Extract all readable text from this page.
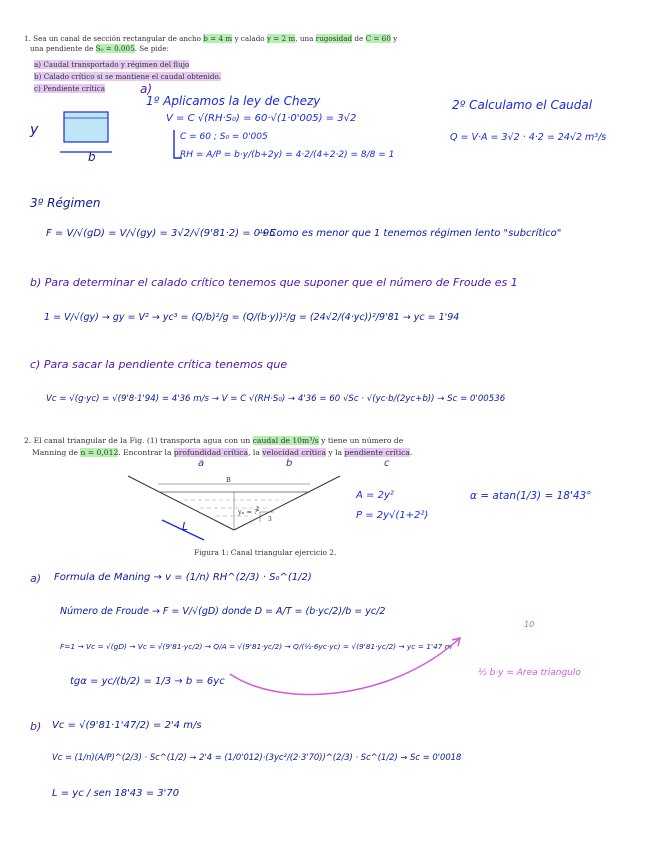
1. Sea un canal de sección rectangular de ancho b = 4 m y calado y = 2 m, una rugosidad de C = 60 y
una pendiente de S₀ = 0.005. Se pide:
a) Caudal transportado y régimen del flujo
b) Calado crítico si se mantiene el caudal obtenido.
c) Pendiente crítica	a)
1º Aplicamos la ley de Chezy
V = C √(RH·S₀) = 60·√(1·0'005) = 3√2
C = 60 ; S₀ = 0'005
RH = A/P = b·y/(b+2y) = 4·2/(4+2·2) = 8/8 = 1
y
b
2º Calculamo el Caudal
Q = V·A = 3√2 · 4·2 = 24√2 m³/s
3º Régimen
F = V/√(gD) = V/√(gy) = 3√2/√(9'81·2) = 0'95
→ Como es menor que 1 tenemos régimen lento "subcrítico"
b) Para determinar el calado crítico tenemos que suponer que el número de Froude es 1
1 = V/√(gy) → gy = V² → yc³ = (Q/b)²/g = (Q/(b·y))²/g = (24√2/(4·yc))²/9'81 → yc = 1'94
c) Para sacar la pendiente crítica tenemos que
Vc = √(g·yc) = √(9'8·1'94) = 4'36 m/s → V = C √(RH·S₀) → 4'36 = 60 √Sc · √(yc·b/(2yc+b)) → Sc = 0'00536
2. El canal triangular de la Fig. (1) transporta agua con un caudal de 10m³/s y tiene un número de
Manning de n = 0,012. Encontrar la profundidad crítica, la velocidad crítica y la pendiente crítica.
a	b	c
B
yₙ = ?
1
3
L
Figura 1: Canal triangular ejercicio 2.
A = 2y²
P = 2y√(1+2²)
α = atan(1/3) = 18'43°
a) Formula de Maning → v = (1/n) RH^(2/3) · S₀^(1/2)
Número de Froude → F = V/√(gD) donde D = A/T = (b·yc/2)/b = yc/2
F=1 → Vc = √(gD) → Vc = √(9'81·yc/2) → Q/A = √(9'81·yc/2) → Q/(½·6yc·yc) = √(9'81·yc/2) → yc = 1'47 m
10
tgα = yc/(b/2) = 1/3 → b = 6yc
½ b·y = Area triangulo
b) Vc = √(9'81·1'47/2) = 2'4 m/s
Vc = (1/n)(A/P)^(2/3) · Sc^(1/2) → 2'4 = (1/0'012)·(3yc²/(2·3'70))^(2/3) · Sc^(1/2) → Sc = 0'0018
L = yc / sen 18'43 = 3'70
